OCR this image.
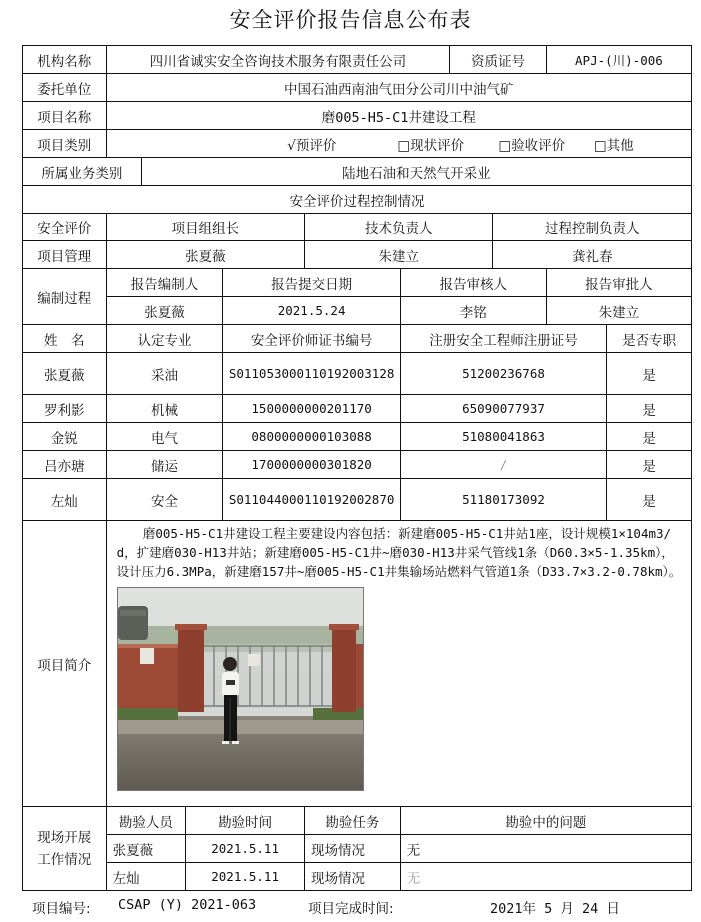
安全评价报告信息公布表
机构名称	四川省诚实安全咨询技术服务有限责任公司						资质证号		APJ-(川)-006	
委托单位	中国石油西南油气田分公司川中油气矿									
项目名称	磨005-H5-C1井建设工程									
项目类别	√预评价 □现状评价 □验收评价 □其他									
所属业务类别		陆地石油和天然气开采业								
安全评价过程控制情况										
安全评价	项目组组长				技术负责人			过程控制负责人		
项目管理	张夏薇				朱建立			龚礼春		
编制过程	报告编制人			报告提交日期		报告审核人			报告审批人	
	张夏薇			2021.5.24		李铭			朱建立	
姓　名	认定专业			安全评价师证书编号		注册安全工程师注册证号				是否专职
张夏薇	采油			S011053000110192003128		51200236768				是
罗利影	机械			1500000000201170		65090077937				是
金锐	电气			0800000000103088		51080041863				是
吕亦瑭	储运			1700000000301820		/				是
左灿	安全			S011044000110192002870		51180173092				是
项目简介	磨005-H5-C1井建设工程主要建设内容包括：新建磨005-H5-C1井站1座，设计规模1×104m3/d，扩建磨030-H13井站；新建磨005-H5-C1井~磨030-H13井采气管线1条（D60.3×5-1.35km），设计压力6.3MPa，新建磨157井~磨005-H5-C1井集输场站燃料气管道1条（D33.7×3.2-0.78km）。									

现场开展
工作情况	勘验人员		勘验时间		勘验任务	勘验中的问题				
	张夏薇		2021.5.11		现场情况	无				
	左灿		2021.5.11		现场情况	无				
项目编号: CSAP (Y) 2021-063	项目完成时间:	2021年 5 月 24 日
